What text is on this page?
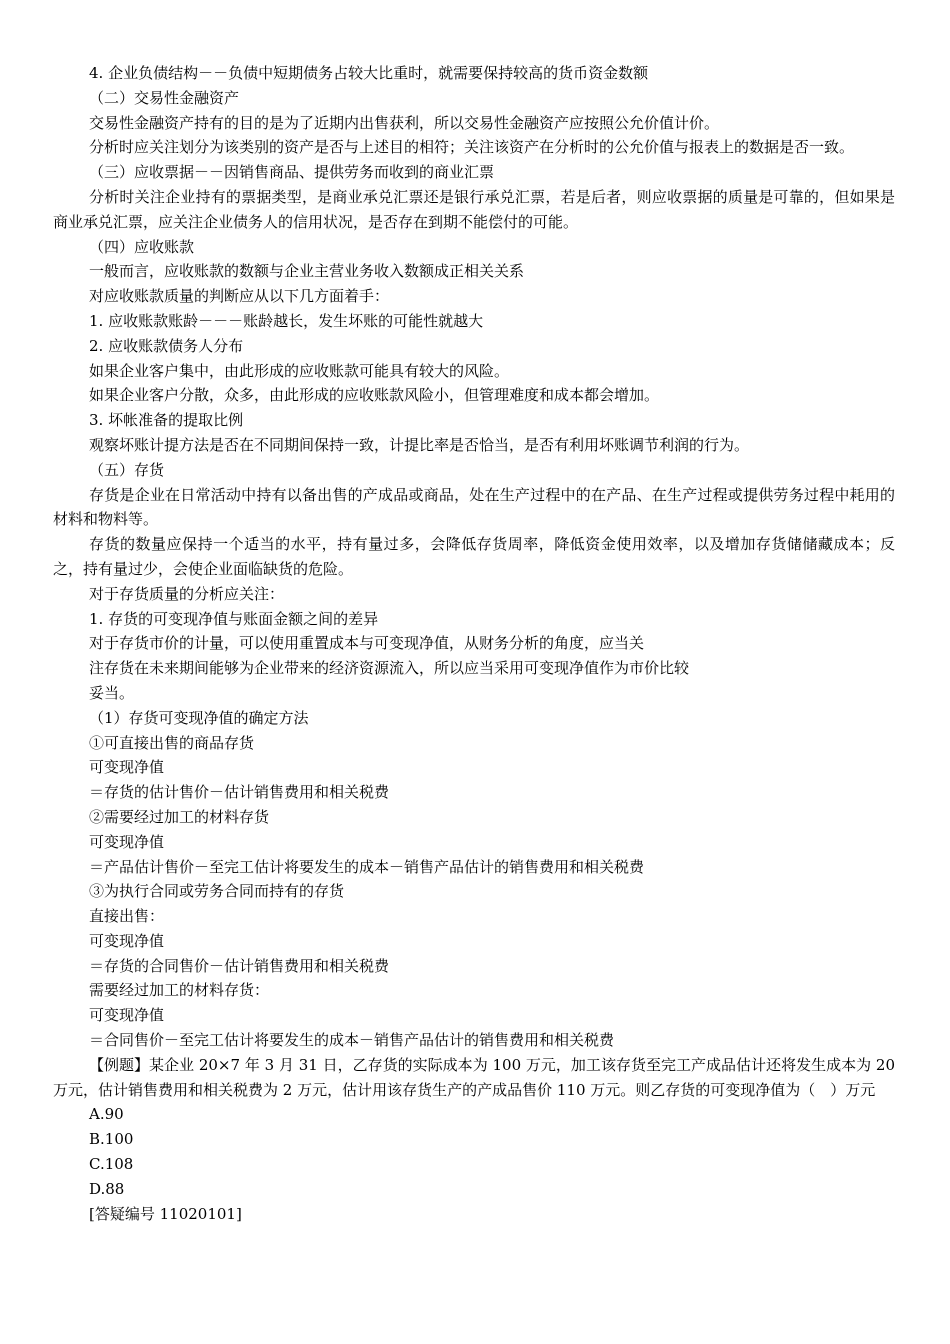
4. 企业负债结构－－负债中短期债务占较大比重时，就需要保持较高的货币资金数额

（二）交易性金融资产

交易性金融资产持有的目的是为了近期内出售获利，所以交易性金融资产应按照公允价值计价。

分析时应关注划分为该类别的资产是否与上述目的相符；关注该资产在分析时的公允价值与报表上的数据是否一致。

（三）应收票据－－因销售商品、提供劳务而收到的商业汇票

分析时关注企业持有的票据类型，是商业承兑汇票还是银行承兑汇票，若是后者，则应收票据的质量是可靠的，但如果是商业承兑汇票，应关注企业债务人的信用状况，是否存在到期不能偿付的可能。

（四）应收账款

一般而言，应收账款的数额与企业主营业务收入数额成正相关关系

对应收账款质量的判断应从以下几方面着手：

1. 应收账款账龄－－－账龄越长，发生坏账的可能性就越大

2. 应收账款债务人分布

如果企业客户集中，由此形成的应收账款可能具有较大的风险。

如果企业客户分散，众多，由此形成的应收账款风险小，但管理难度和成本都会增加。

3. 坏帐准备的提取比例

观察坏账计提方法是否在不同期间保持一致，计提比率是否恰当，是否有利用坏账调节利润的行为。

（五）存货

存货是企业在日常活动中持有以备出售的产成品或商品，处在生产过程中的在产品、在生产过程或提供劳务过程中耗用的材料和物料等。

存货的数量应保持一个适当的水平，持有量过多，会降低存货周率，降低资金使用效率，以及增加存货储储藏成本；反之，持有量过少，会使企业面临缺货的危险。

对于存货质量的分析应关注：

1. 存货的可变现净值与账面金额之间的差异

对于存货市价的计量，可以使用重置成本与可变现净值，从财务分析的角度，应当关

注存货在未来期间能够为企业带来的经济资源流入，所以应当采用可变现净值作为市价比较

妥当。

（1）存货可变现净值的确定方法

①可直接出售的商品存货

可变现净值

＝存货的估计售价－估计销售费用和相关税费

②需要经过加工的材料存货

可变现净值

＝产品估计售价－至完工估计将要发生的成本－销售产品估计的销售费用和相关税费

③为执行合同或劳务合同而持有的存货

直接出售：

可变现净值

＝存货的合同售价－估计销售费用和相关税费

需要经过加工的材料存货：

可变现净值

＝合同售价－至完工估计将要发生的成本－销售产品估计的销售费用和相关税费

【例题】某企业 20×7 年 3 月 31 日，乙存货的实际成本为 100 万元，加工该存货至完工产成品估计还将发生成本为 20 万元，估计销售费用和相关税费为 2 万元，估计用该存货生产的产成品售价 110 万元。则乙存货的可变现净值为（　）万元

A.90

B.100

C.108

D.88

[答疑编号 11020101]
